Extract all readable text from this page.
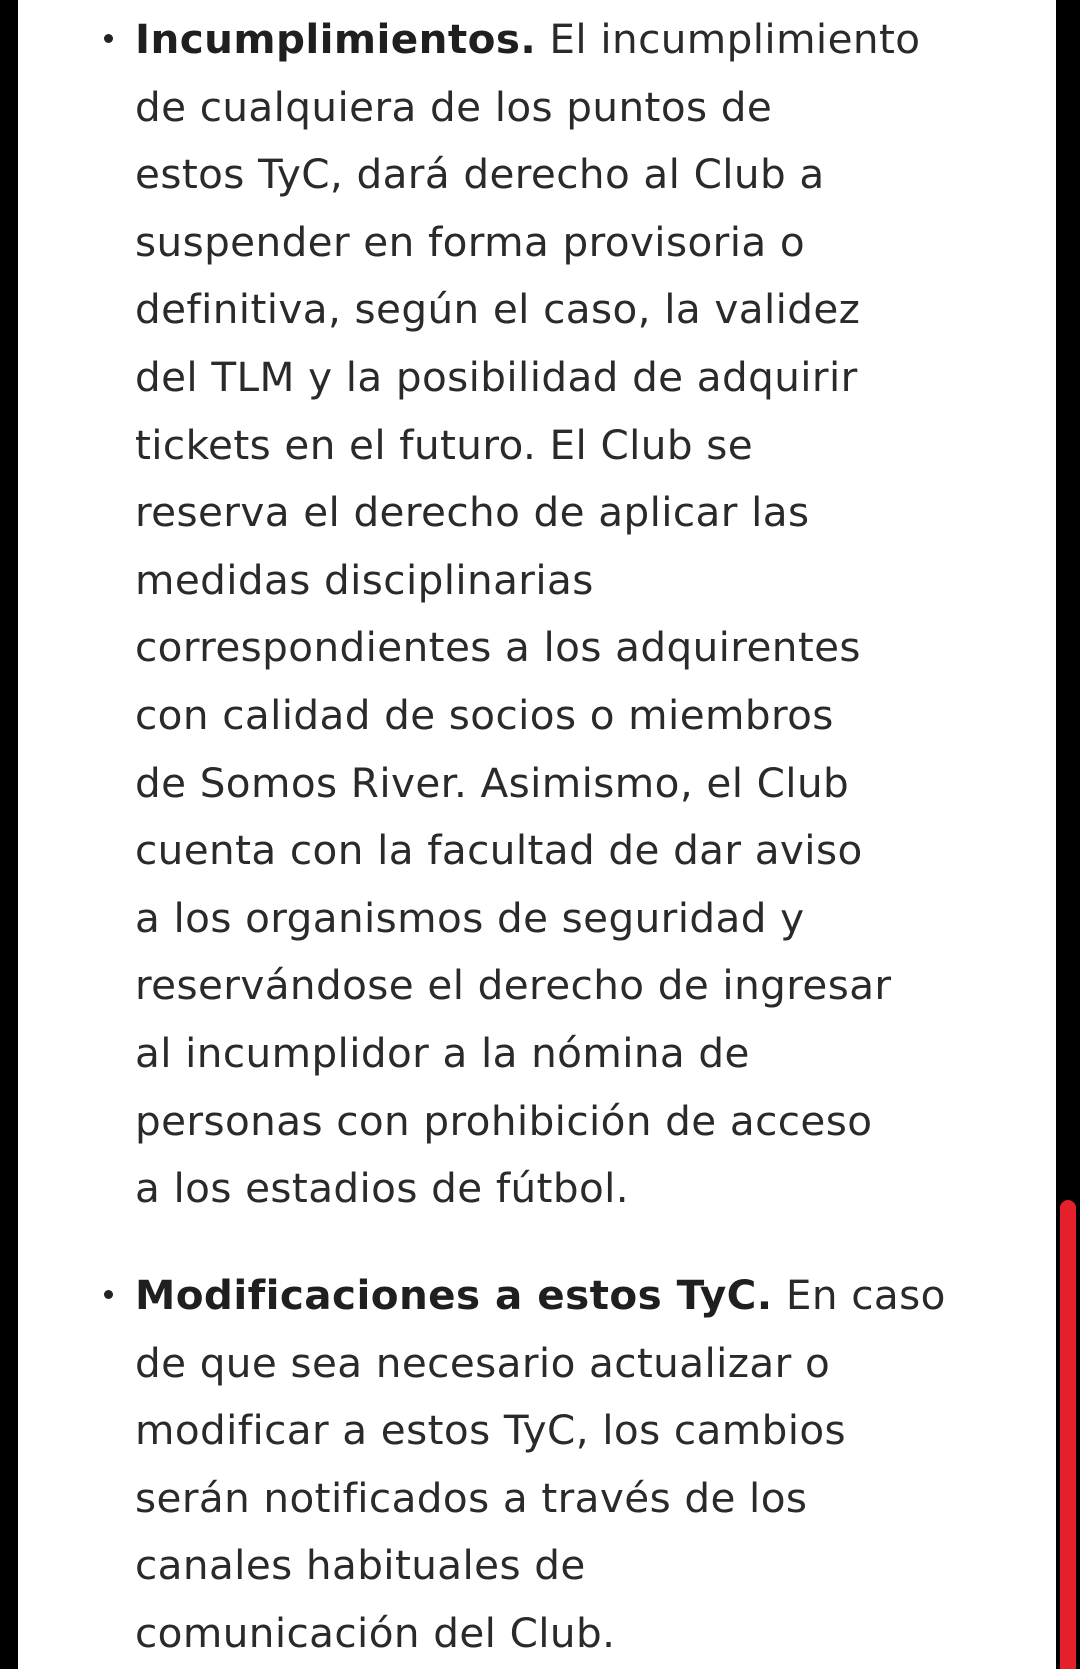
Incumplimientos. El incumplimiento
de cualquiera de los puntos de
estos TyC, dará derecho al Club a
suspender en forma provisoria o
definitiva, según el caso, la validez
del TLM y la posibilidad de adquirir
tickets en el futuro. El Club se
reserva el derecho de aplicar las
medidas disciplinarias
correspondientes a los adquirentes
con calidad de socios o miembros
de Somos River. Asimismo, el Club
cuenta con la facultad de dar aviso
a los organismos de seguridad y
reservándose el derecho de ingresar
al incumplidor a la nómina de
personas con prohibición de acceso
a los estadios de fútbol.

Modificaciones a estos TyC. En caso
de que sea necesario actualizar o
modificar a estos TyC, los cambios
serán notificados a través de los
canales habituales de
comunicación del Club.
